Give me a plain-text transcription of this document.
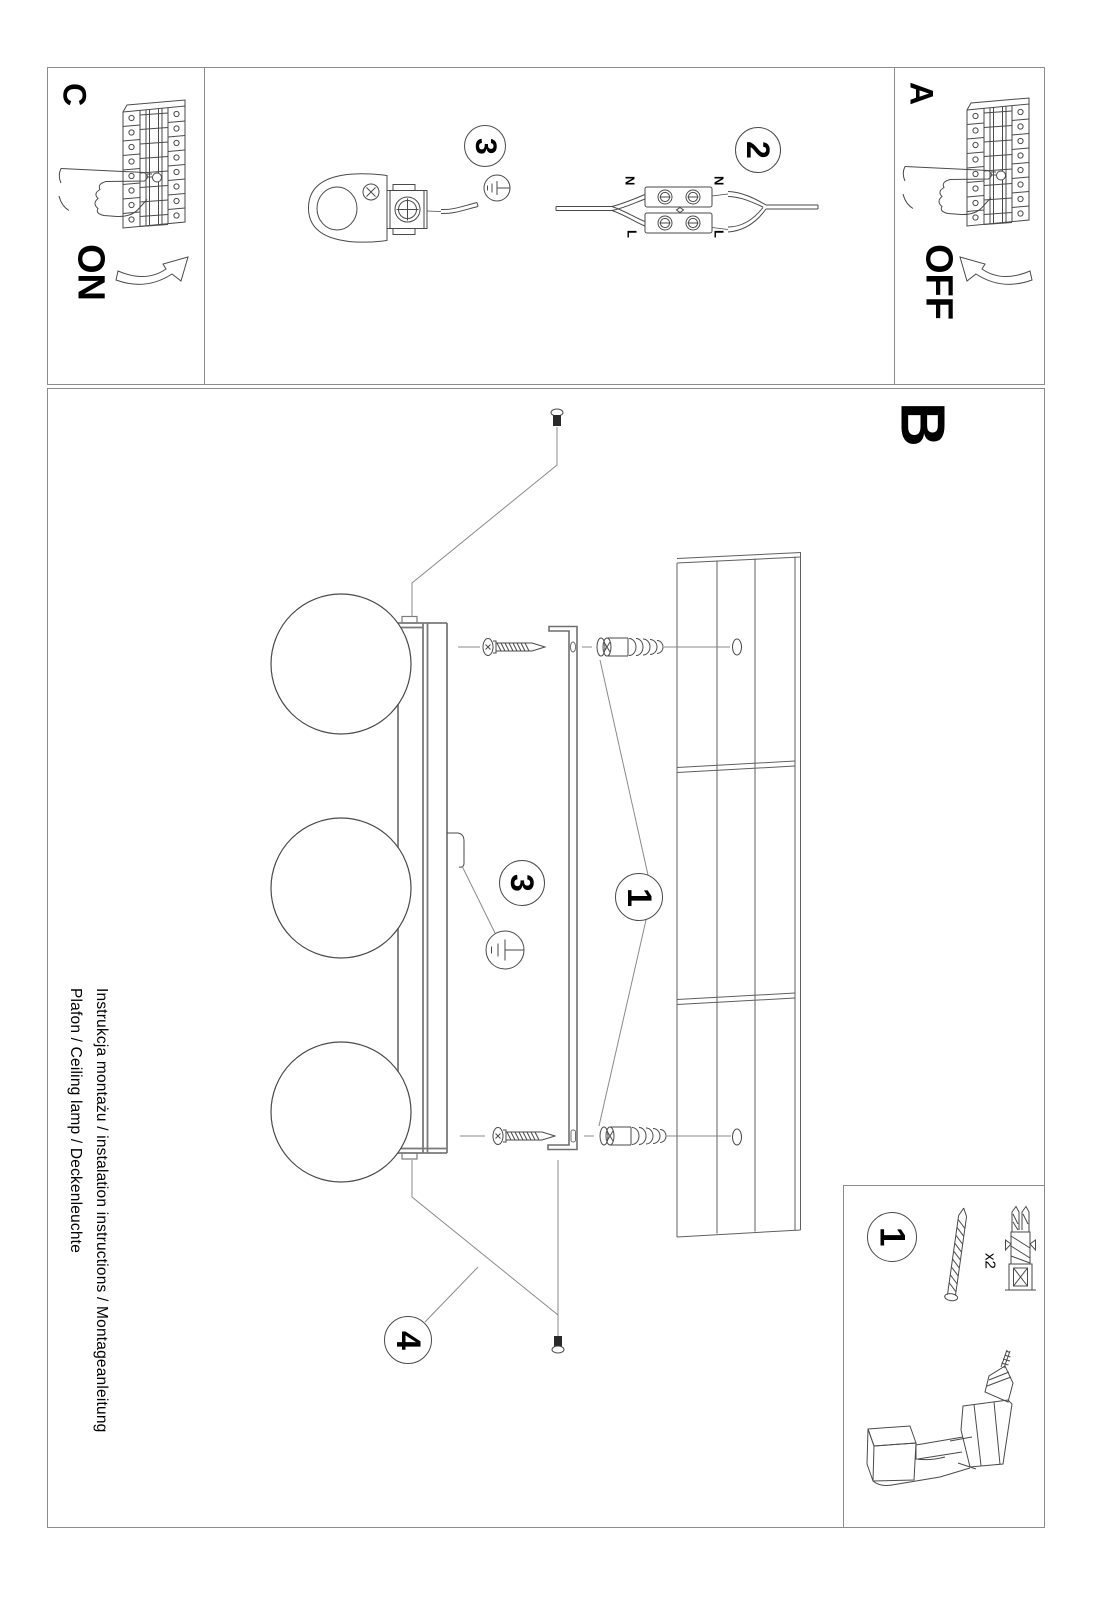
C	A
B
ON	OFF
N	N
L	L
3	2
3
1
4
1
x2
Instrukcja montażu / instalation instructions / Montageanleitung
Plafon / Ceiling lamp / Deckenleuchte
